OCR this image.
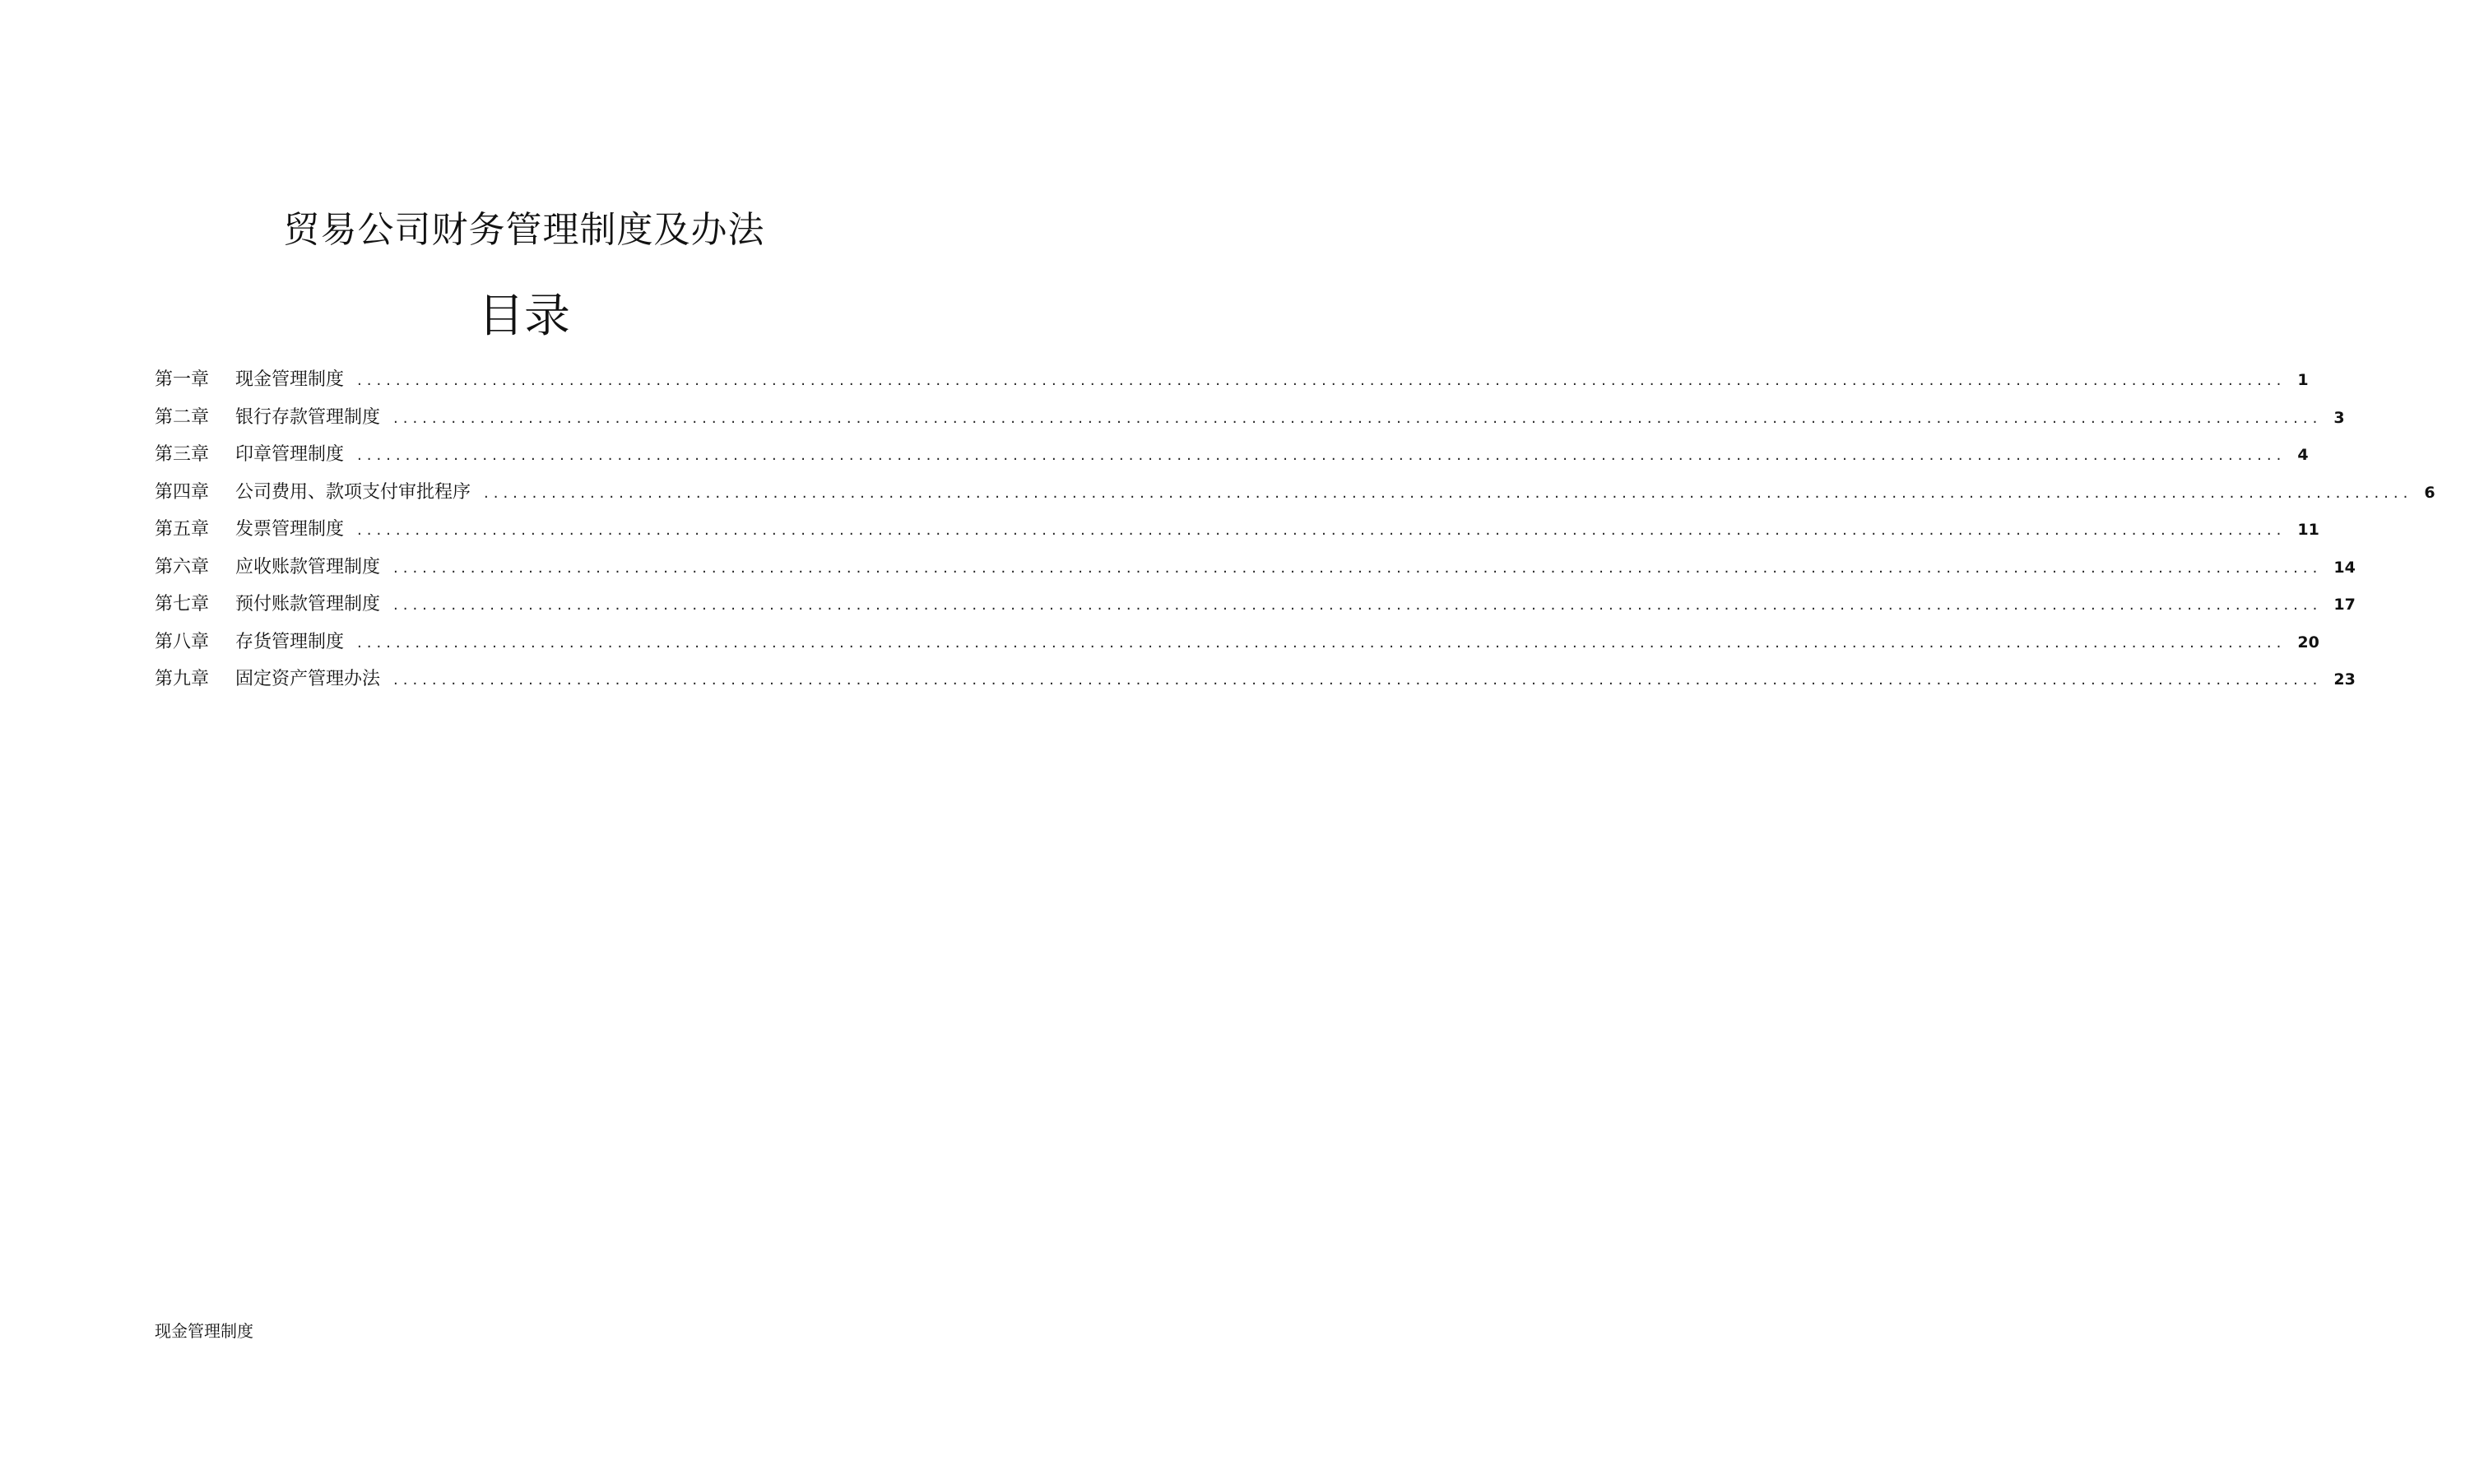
贸易公司财务管理制度及办法
目录
第一章	现金管理制度 ........................................................................................................................................................................................................ 1
第二章	银行存款管理制度 ........................................................................................................................................................................................................ 3
第三章	印章管理制度 ........................................................................................................................................................................................................ 4
第四章	公司费用、款项支付审批程序 ........................................................................................................................................................................................................ 6
第五章	发票管理制度 ........................................................................................................................................................................................................ 11
第六章	应收账款管理制度 ........................................................................................................................................................................................................ 14
第七章	预付账款管理制度 ........................................................................................................................................................................................................ 17
第八章	存货管理制度 ........................................................................................................................................................................................................ 20
第九章	固定资产管理办法 ........................................................................................................................................................................................................ 23

现金管理制度
